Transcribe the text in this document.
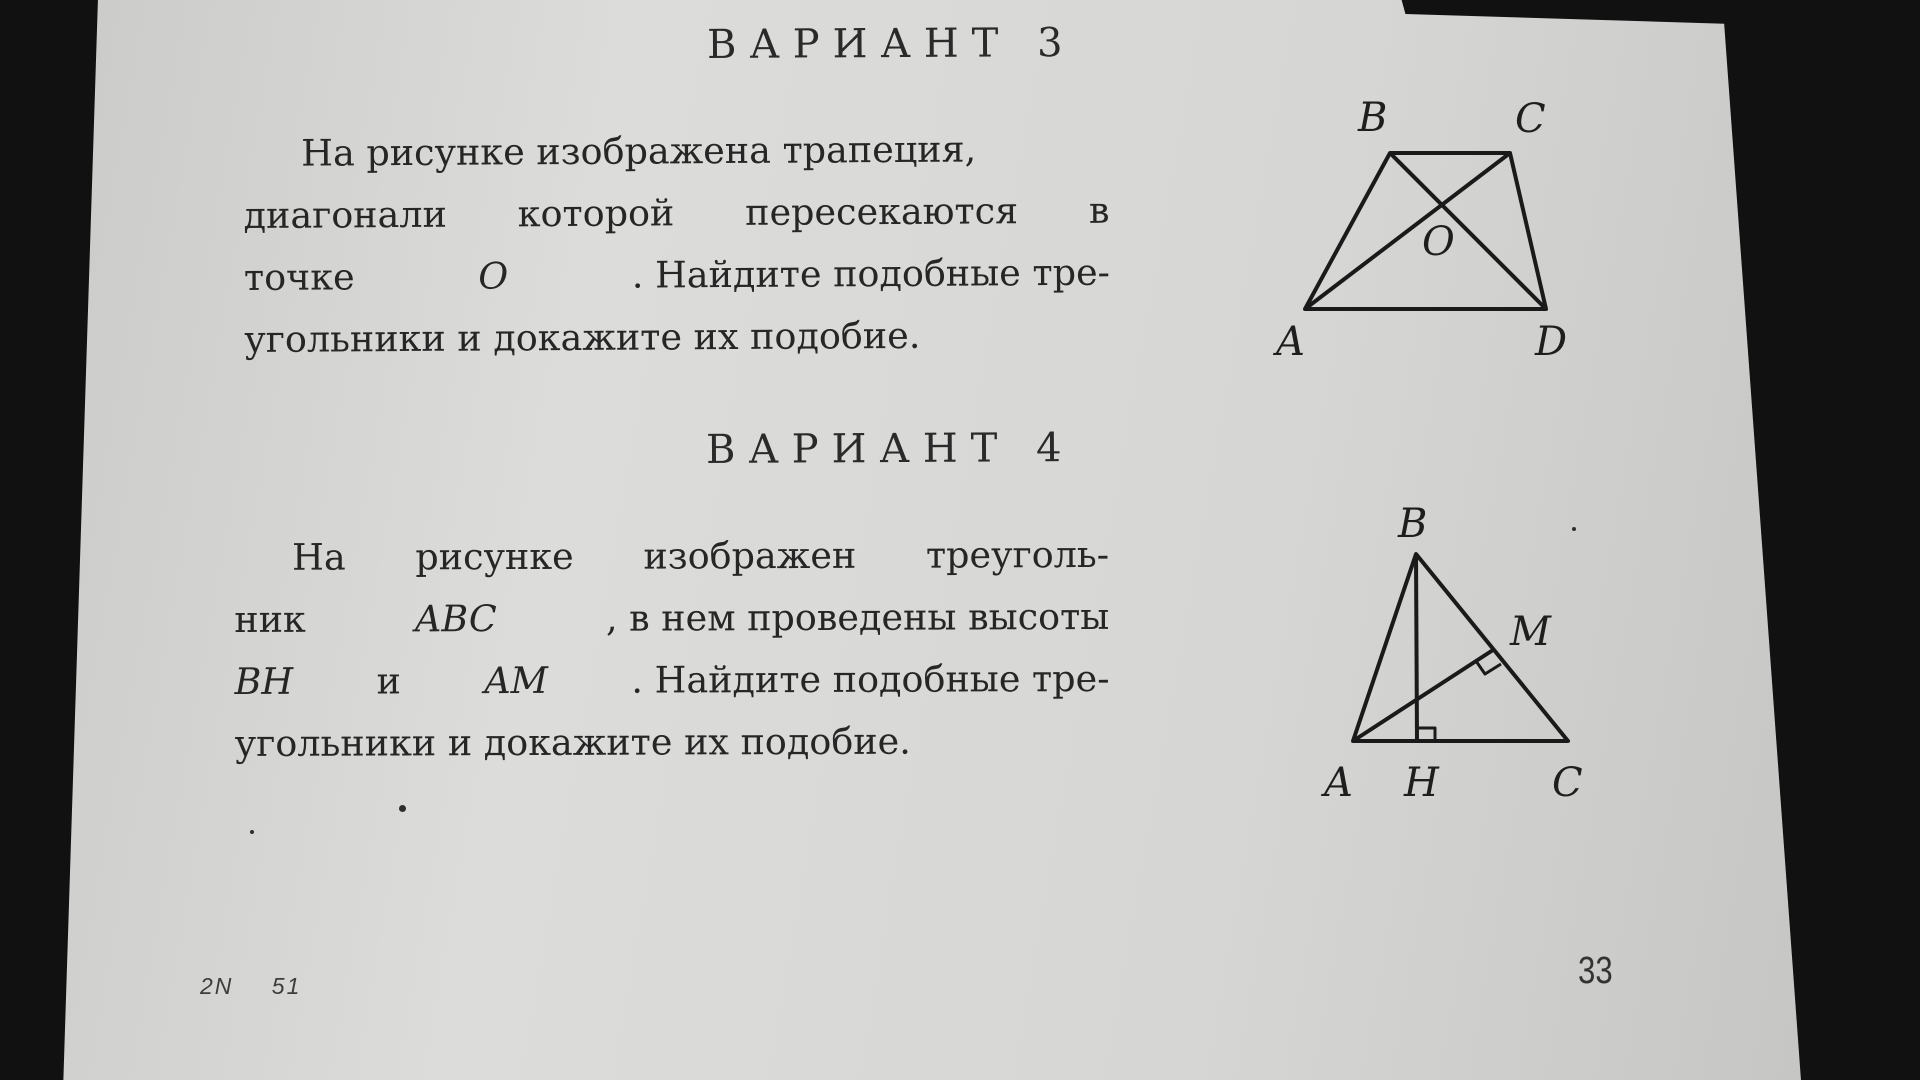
ВАРИАНТ 3
На рисунке изображена трапеция,
диагонали которой пересекаются в
точке	O	. Найдите подобные тре-
угольники и докажите их подобие.
B	C
O
A	D
ВАРИАНТ 4
На рисунке изображен треуголь-
ник	ABC	, в нем проведены высоты
BH и AM . Найдите подобные тре-
угольники и докажите их подобие.
B
M
A H	C
2N 51	33
